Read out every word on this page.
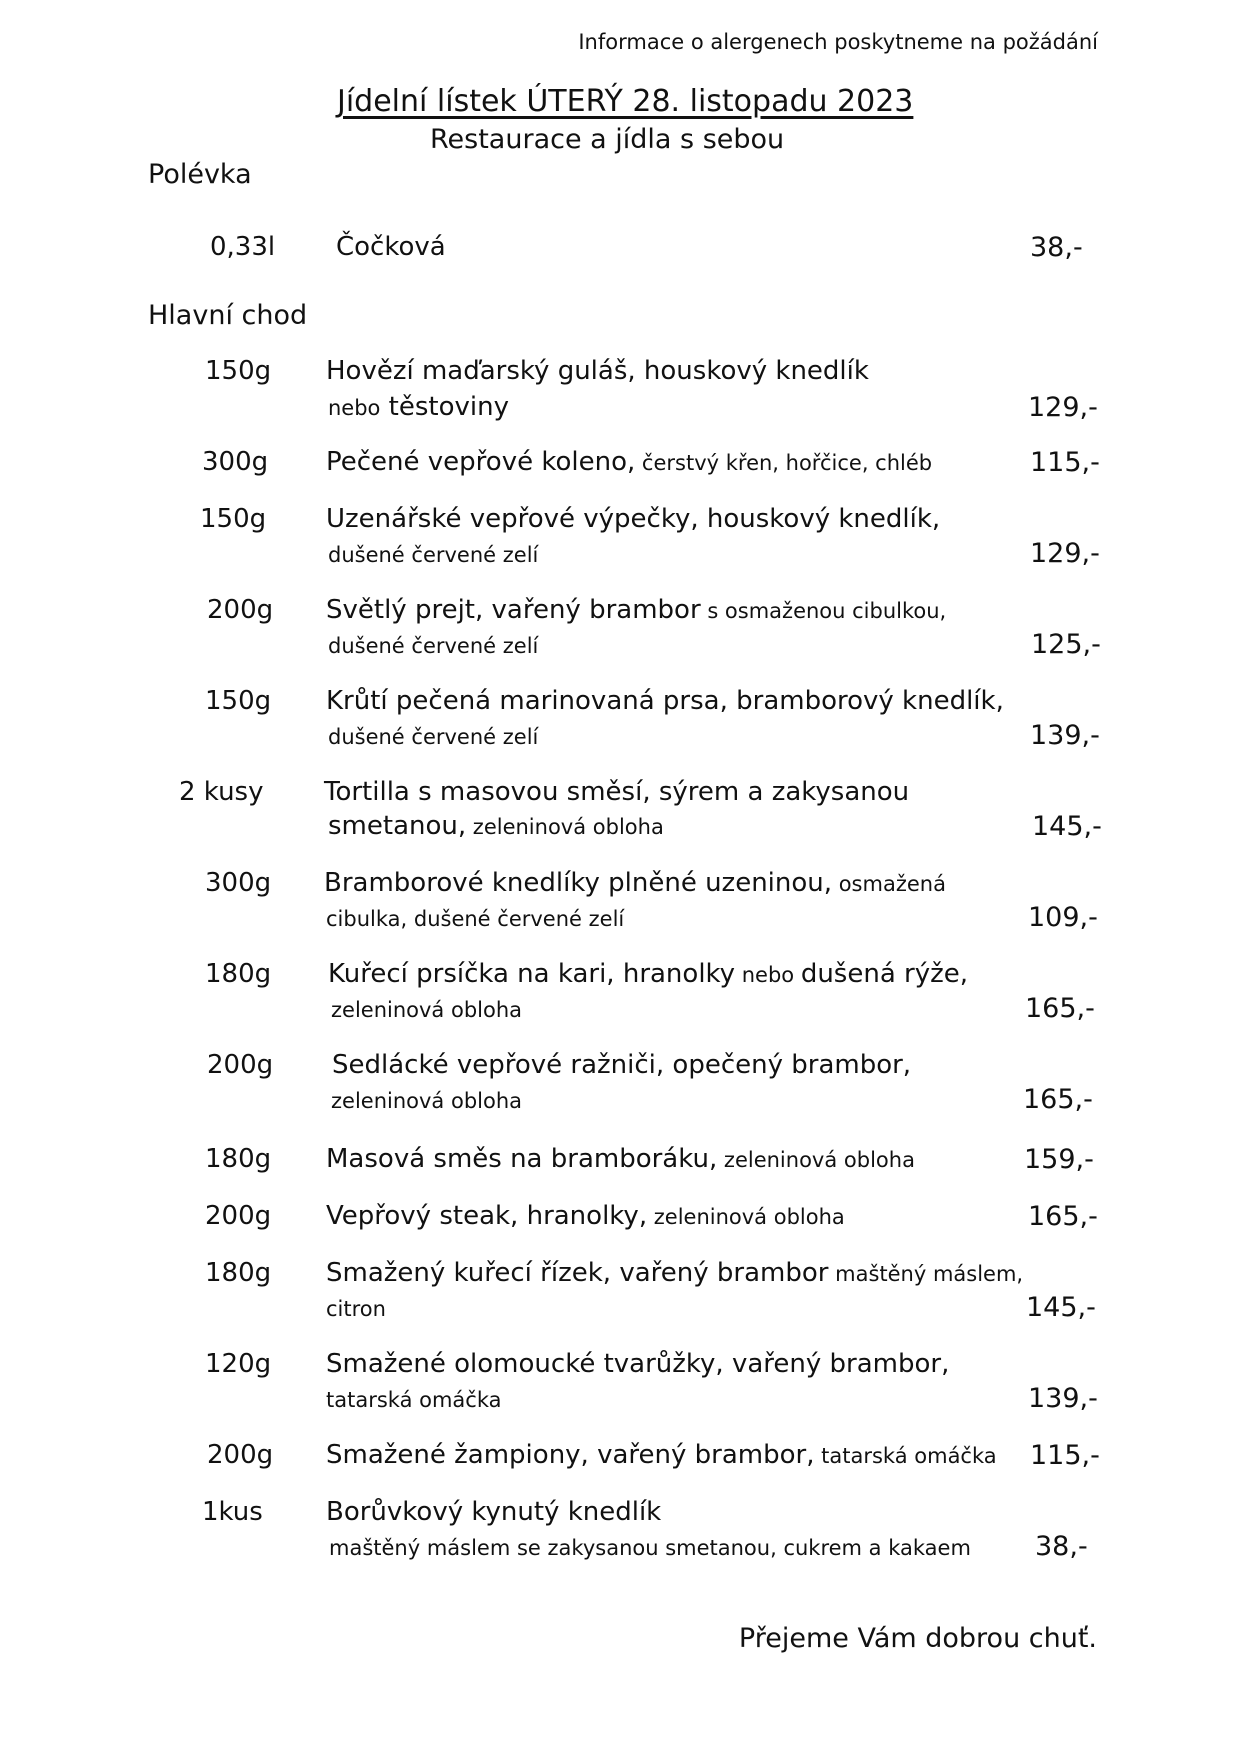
Informace o alergenech poskytneme na požádání
Jídelní lístek ÚTERÝ 28. listopadu 2023
Restaurace a jídla s sebou
Polévka
0,33l Čočková	38,-
Hlavní chod
150g Hovězí maďarský guláš, houskový knedlík
nebo těstoviny	129,-
300g Pečené vepřové koleno, čerstvý křen, hořčice, chléb	115,-
150g Uzenářské vepřové výpečky, houskový knedlík,
dušené červené zelí	129,-
200g Světlý prejt, vařený brambor s osmaženou cibulkou,
dušené červené zelí	125,-
150g Krůtí pečená marinovaná prsa, bramborový knedlík,
dušené červené zelí	139,-
2 kusy Tortilla s masovou směsí, sýrem a zakysanou
smetanou, zeleninová obloha	145,-
300g Bramborové knedlíky plněné uzeninou, osmažená
cibulka, dušené červené zelí	109,-
180g Kuřecí prsíčka na kari, hranolky nebo dušená rýže,
zeleninová obloha	165,-
200g Sedlácké vepřové ražniči, opečený brambor,
zeleninová obloha	165,-
180g Masová směs na bramboráku, zeleninová obloha	159,-
200g Vepřový steak, hranolky, zeleninová obloha	165,-
180g Smažený kuřecí řízek, vařený brambor maštěný máslem,
citron	145,-
120g Smažené olomoucké tvarůžky, vařený brambor,
tatarská omáčka	139,-
200g Smažené žampiony, vařený brambor, tatarská omáčka 115,-
1kus Borůvkový kynutý knedlík
maštěný máslem se zakysanou smetanou, cukrem a kakaem 38,-
Přejeme Vám dobrou chuť.
